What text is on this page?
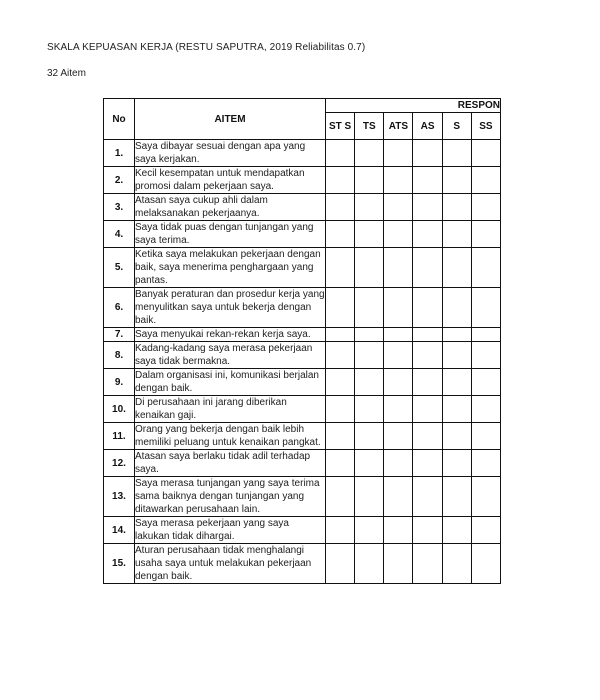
SKALA KEPUASAN KERJA (RESTU SAPUTRA, 2019 Reliabilitas 0.7)
32 Aitem
No	AITEM	RESPON					
		ST S	TS	ATS	AS	S	SS
1.	Saya dibayar sesuai dengan apa yang saya kerjakan.						
2.	Kecil kesempatan untuk mendapatkan promosi dalam pekerjaan saya.						
3.	Atasan saya cukup ahli dalam melaksanakan pekerjaanya.						
4.	Saya tidak puas dengan tunjangan yang saya terima.						
5.	Ketika saya melakukan pekerjaan dengan baik, saya menerima penghargaan yang pantas.						
6.	Banyak peraturan dan prosedur kerja yang menyulitkan saya untuk bekerja dengan baik.						
7.	Saya menyukai rekan-rekan kerja saya.						
8.	Kadang-kadang saya merasa pekerjaan saya tidak bermakna.						
9.	Dalam organisasi ini, komunikasi berjalan dengan baik.						
10.	Di perusahaan ini jarang diberikan kenaikan gaji.						
11.	Orang yang bekerja dengan baik lebih memiliki peluang untuk kenaikan pangkat.						
12.	Atasan saya berlaku tidak adil terhadap saya.						
13.	Saya merasa tunjangan yang saya terima sama baiknya dengan tunjangan yang ditawarkan perusahaan lain.						
14.	Saya merasa pekerjaan yang saya lakukan tidak dihargai.						
15.	Aturan perusahaan tidak menghalangi usaha saya untuk melakukan pekerjaan dengan baik.						
